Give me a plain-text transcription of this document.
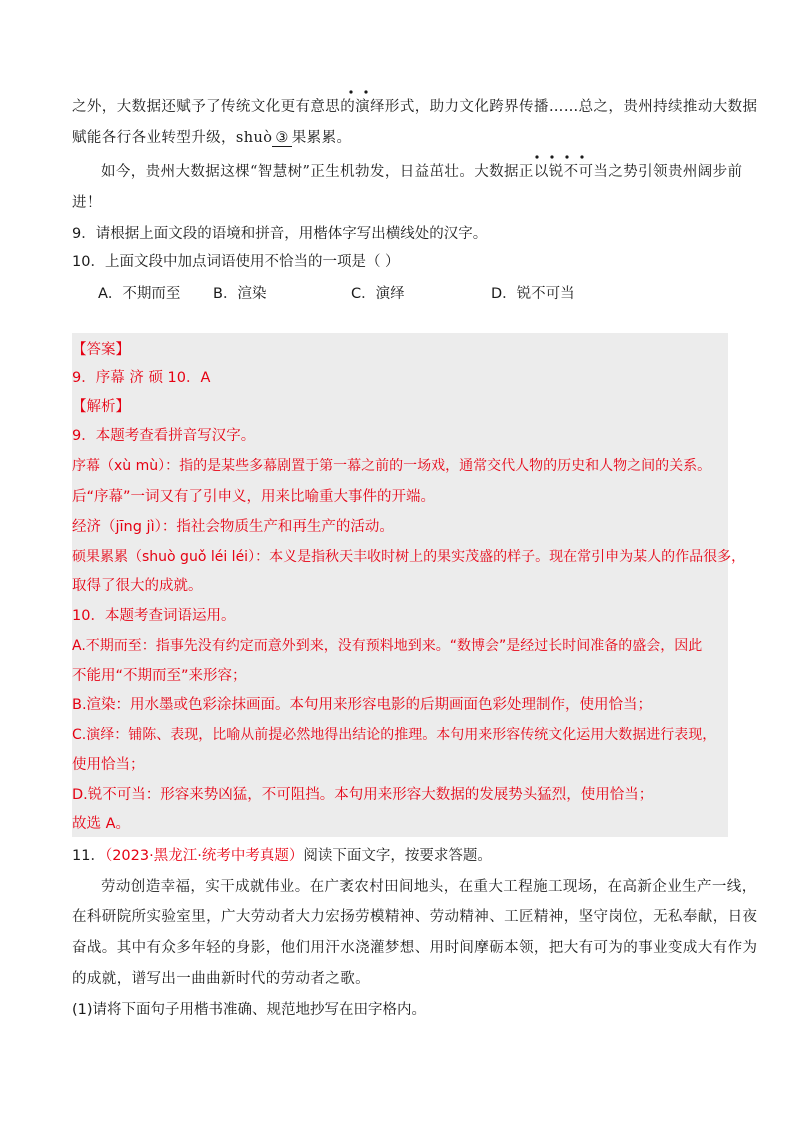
之外，大数据还赋予了传统文化更有意思的演绎形式，助力文化跨界传播……总之，贵州持续推动大数据
赋能各行各业转型升级，shuò ③ 果累累。
如今，贵州大数据这棵“智慧树”正生机勃发，日益茁壮。大数据正以锐不可当之势引领贵州阔步前
进！
9．请根据上面文段的语境和拼音，用楷体字写出横线处的汉字。
10．上面文段中加点词语使用不恰当的一项是（ ）
A．不期而至 B．渲染	C．演绎	D．锐不可当
【答案】
9．序幕 济 硕 10．A
【解析】
9．本题考查看拼音写汉字。
序幕（xù mù）：指的是某些多幕剧置于第一幕之前的一场戏，通常交代人物的历史和人物之间的关系。
后“序幕”一词又有了引申义，用来比喻重大事件的开端。
经济（jīng jì）：指社会物质生产和再生产的活动。
硕果累累（shuò guǒ léi léi）：本义是指秋天丰收时树上的果实茂盛的样子。现在常引申为某人的作品很多，
取得了很大的成就。
10．本题考查词语运用。
A.不期而至：指事先没有约定而意外到来，没有预料地到来。“数博会”是经过长时间准备的盛会，因此
不能用“不期而至”来形容；
B.渲染：用水墨或色彩涂抹画面。本句用来形容电影的后期画面色彩处理制作，使用恰当；
C.演绎：铺陈、表现，比喻从前提必然地得出结论的推理。本句用来形容传统文化运用大数据进行表现，
使用恰当；
D.锐不可当：形容来势凶猛，不可阻挡。本句用来形容大数据的发展势头猛烈，使用恰当；
故选 A。
11．（2023·黑龙江·统考中考真题）阅读下面文字，按要求答题。
劳动创造幸福，实干成就伟业。在广袤农村田间地头，在重大工程施工现场，在高新企业生产一线，
在科研院所实验室里，广大劳动者大力宏扬劳模精神、劳动精神、工匠精神，坚守岗位，无私奉献，日夜
奋战。其中有众多年轻的身影，他们用汗水浇灌梦想、用时间摩砺本领，把大有可为的事业变成大有作为
的成就，谱写出一曲曲新时代的劳动者之歌。
(1)请将下面句子用楷书准确、规范地抄写在田字格内。
